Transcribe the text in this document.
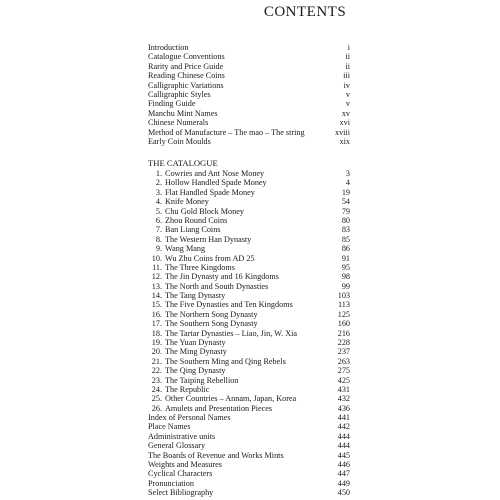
CONTENTS
Introduction	i
Catalogue Conventions	ii
Rarity and Price Guide	ii
Reading Chinese Coins	iii
Calligraphic Variations	iv
Calligraphic Styles	v
Finding Guide	v
Manchu Mint Names	xv
Chinese Numerals	xvi
Method of Manufacture – The mao – The string	xviii
Early Coin Moulds	xix
THE CATALOGUE
1. Cowries and Ant Nose Money	3
2. Hollow Handled Spade Money	4
3. Flat Handled Spade Money	19
4. Knife Money	54
5. Chu Gold Block Money	79
6. Zhou Round Coins	80
7. Ban Liang Coins	83
8. The Western Han Dynasty	85
9. Wang Mang	86
10. Wu Zhu Coins from AD 25	91
11. The Three Kingdoms	95
12. The Jin Dynasty and 16 Kingdoms	98
13. The North and South Dynasties	99
14. The Tang Dynasty	103
15. The Five Dynasties and Ten Kingdoms	113
16. The Northern Song Dynasty	125
17. The Southern Song Dynasty	160
18. The Tartar Dynasties – Liao, Jin, W. Xia	216
19. The Yuan Dynasty	228
20. The Ming Dynasty	237
21. The Southern Ming and Qing Rebels	263
22. The Qing Dynasty	275
23. The Taiping Rebellion	425
24. The Republic	431
25. Other Countries – Annam, Japan, Korea	432
26. Amulets and Presentation Pieces	436
Index of Personal Names	441
Place Names	442
Administrative units	444
General Glossary	444
The Boards of Revenue and Works Mints	445
Weights and Measures	446
Cyclical Characters	447
Pronunciation	449
Select Bibliography	450
